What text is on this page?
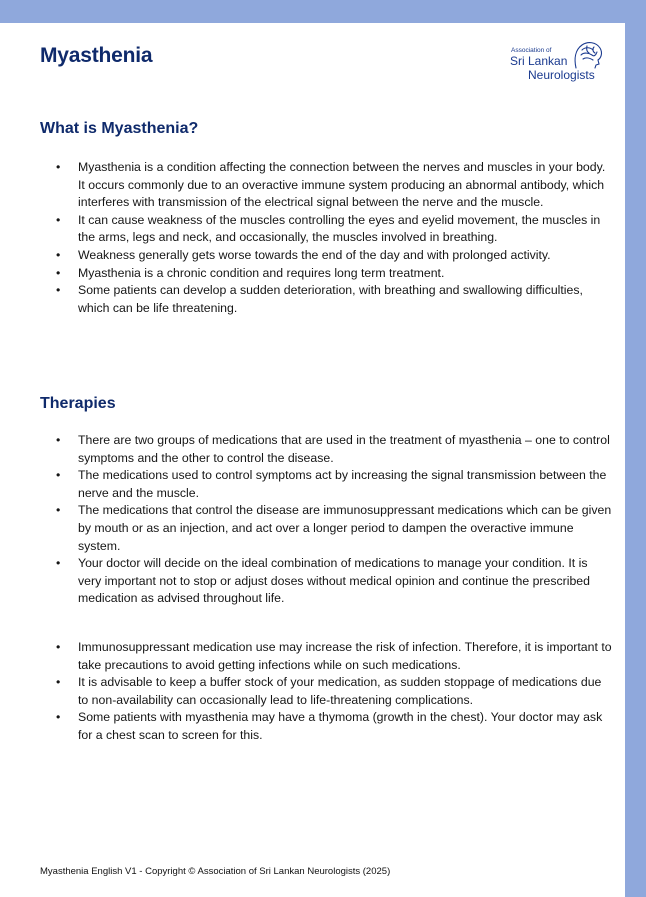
Myasthenia	Association of
Sri Lankan
Neurologists
What is Myasthenia?
• Myasthenia is a condition affecting the connection between the nerves and muscles in your body. It occurs commonly due to an overactive immune system producing an abnormal antibody, which interferes with transmission of the electrical signal between the nerve and the muscle.
• It can cause weakness of the muscles controlling the eyes and eyelid movement, the muscles in the arms, legs and neck, and occasionally, the muscles involved in breathing.
• Weakness generally gets worse towards the end of the day and with prolonged activity.
• Myasthenia is a chronic condition and requires long term treatment.
• Some patients can develop a sudden deterioration, with breathing and swallowing difficulties, which can be life threatening.
Therapies
• There are two groups of medications that are used in the treatment of myasthenia – one to control symptoms and the other to control the disease.
• The medications used to control symptoms act by increasing the signal transmission between the nerve and the muscle.
• The medications that control the disease are immunosuppressant medications which can be given by mouth or as an injection, and act over a longer period to dampen the overactive immune system.
• Your doctor will decide on the ideal combination of medications to manage your condition. It is very important not to stop or adjust doses without medical opinion and continue the prescribed medication as advised throughout life.
• Immunosuppressant medication use may increase the risk of infection. Therefore, it is important to take precautions to avoid getting infections while on such medications.
• It is advisable to keep a buffer stock of your medication, as sudden stoppage of medications due to non-availability can occasionally lead to life-threatening complications.
• Some patients with myasthenia may have a thymoma (growth in the chest). Your doctor may ask for a chest scan to screen for this.

Myasthenia English V1 - Copyright © Association of Sri Lankan Neurologists (2025)
